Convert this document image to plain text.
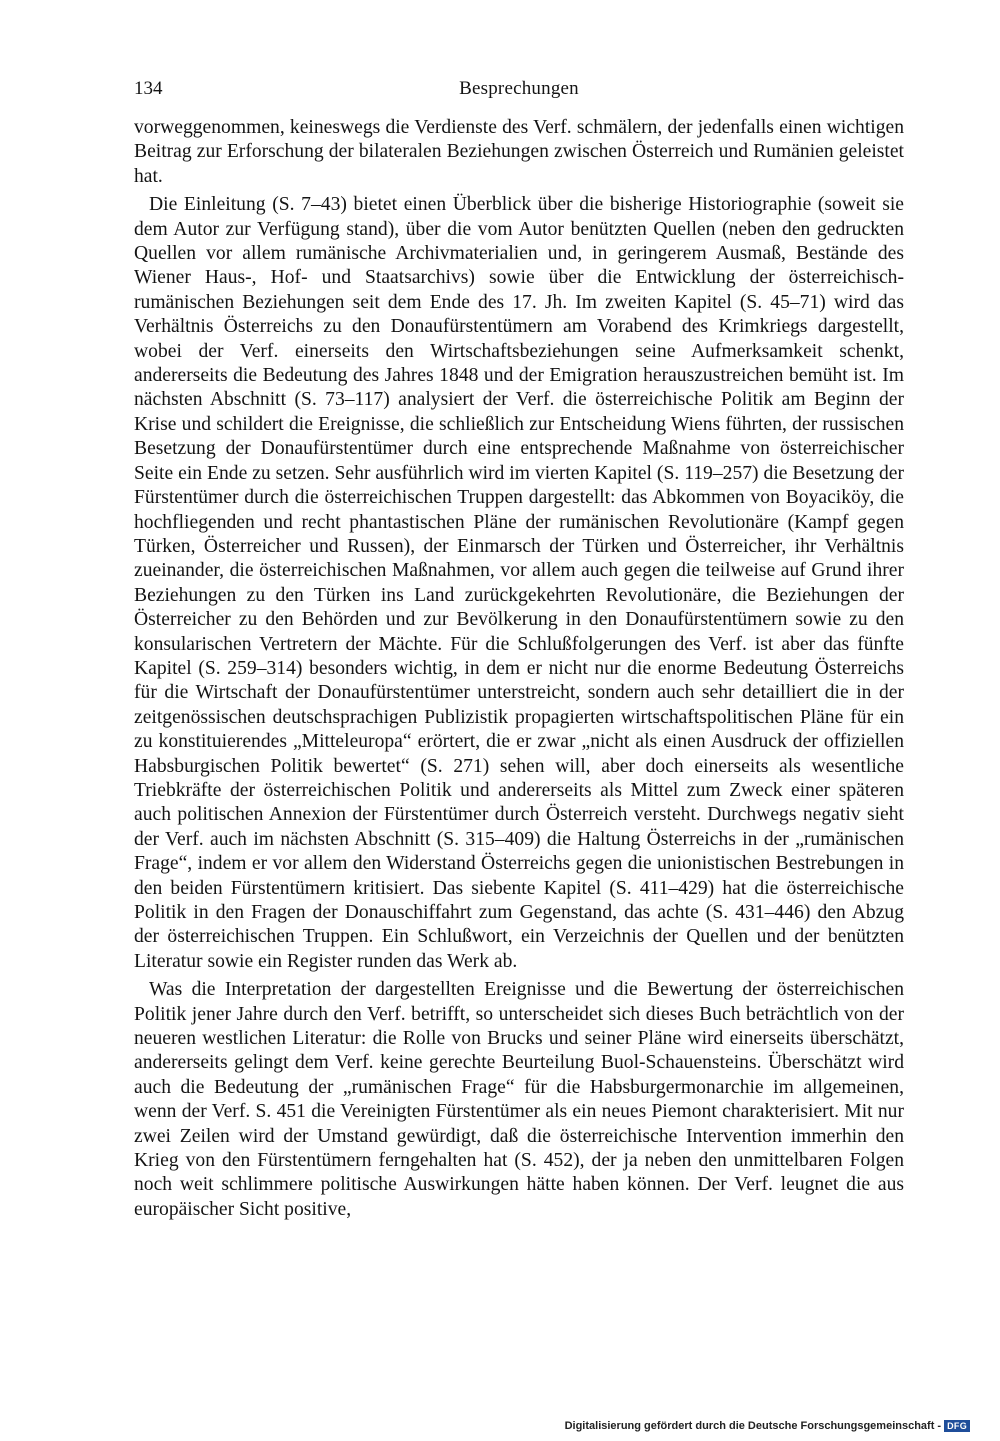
134	Besprechungen

vorweggenommen, keineswegs die Verdienste des Verf. schmälern, der jedenfalls einen wichtigen Beitrag zur Erforschung der bilateralen Beziehungen zwischen Österreich und Rumänien geleistet hat.

Die Einleitung (S. 7–43) bietet einen Überblick über die bisherige Historiographie (soweit sie dem Autor zur Verfügung stand), über die vom Autor benützten Quellen (neben den gedruckten Quellen vor allem rumänische Archivmaterialien und, in geringerem Ausmaß, Bestände des Wiener Haus-, Hof- und Staatsarchivs) sowie über die Entwicklung der österreichisch-rumänischen Beziehungen seit dem Ende des 17. Jh. Im zweiten Kapitel (S. 45–71) wird das Verhältnis Österreichs zu den Donaufürstentümern am Vorabend des Krimkriegs dargestellt, wobei der Verf. einerseits den Wirtschaftsbeziehungen seine Aufmerksamkeit schenkt, andererseits die Bedeutung des Jahres 1848 und der Emigration herauszustreichen bemüht ist. Im nächsten Abschnitt (S. 73–117) analysiert der Verf. die österreichische Politik am Beginn der Krise und schildert die Ereignisse, die schließlich zur Entscheidung Wiens führten, der russischen Besetzung der Donaufürstentümer durch eine entsprechende Maßnahme von österreichischer Seite ein Ende zu setzen. Sehr ausführlich wird im vierten Kapitel (S. 119–257) die Besetzung der Fürstentümer durch die österreichischen Truppen dargestellt: das Abkommen von Boyaciköy, die hochfliegenden und recht phantastischen Pläne der rumänischen Revolutionäre (Kampf gegen Türken, Österreicher und Russen), der Einmarsch der Türken und Österreicher, ihr Verhältnis zueinander, die österreichischen Maßnahmen, vor allem auch gegen die teilweise auf Grund ihrer Beziehungen zu den Türken ins Land zurückgekehrten Revolutionäre, die Beziehungen der Österreicher zu den Behörden und zur Bevölkerung in den Donaufürstentümern sowie zu den konsularischen Vertretern der Mächte. Für die Schlußfolgerungen des Verf. ist aber das fünfte Kapitel (S. 259–314) besonders wichtig, in dem er nicht nur die enorme Bedeutung Österreichs für die Wirtschaft der Donaufürstentümer unterstreicht, sondern auch sehr detailliert die in der zeitgenössischen deutschsprachigen Publizistik propagierten wirtschaftspolitischen Pläne für ein zu konstituierendes „Mitteleuropa“ erörtert, die er zwar „nicht als einen Ausdruck der offiziellen Habsburgischen Politik bewertet“ (S. 271) sehen will, aber doch einerseits als wesentliche Triebkräfte der österreichischen Politik und andererseits als Mittel zum Zweck einer späteren auch politischen Annexion der Fürstentümer durch Österreich versteht. Durchwegs negativ sieht der Verf. auch im nächsten Abschnitt (S. 315–409) die Haltung Österreichs in der „rumänischen Frage“, indem er vor allem den Widerstand Österreichs gegen die unionistischen Bestrebungen in den beiden Fürstentümern kritisiert. Das siebente Kapitel (S. 411–429) hat die österreichische Politik in den Fragen der Donauschiffahrt zum Gegenstand, das achte (S. 431–446) den Abzug der österreichischen Truppen. Ein Schlußwort, ein Verzeichnis der Quellen und der benützten Literatur sowie ein Register runden das Werk ab.

Was die Interpretation der dargestellten Ereignisse und die Bewertung der österreichischen Politik jener Jahre durch den Verf. betrifft, so unterscheidet sich dieses Buch beträchtlich von der neueren westlichen Literatur: die Rolle von Brucks und seiner Pläne wird einerseits überschätzt, andererseits gelingt dem Verf. keine gerechte Beurteilung Buol-Schauensteins. Überschätzt wird auch die Bedeutung der „rumänischen Frage“ für die Habsburgermonarchie im allgemeinen, wenn der Verf. S. 451 die Vereinigten Fürstentümer als ein neues Piemont charakterisiert. Mit nur zwei Zeilen wird der Umstand gewürdigt, daß die österreichische Intervention immerhin den Krieg von den Fürstentümern ferngehalten hat (S. 452), der ja neben den unmittelbaren Folgen noch weit schlimmere politische Auswirkungen hätte haben können. Der Verf. leugnet die aus europäischer Sicht positive,

Digitalisierung gefördert durch die Deutsche Forschungsgemeinschaft - DFG
